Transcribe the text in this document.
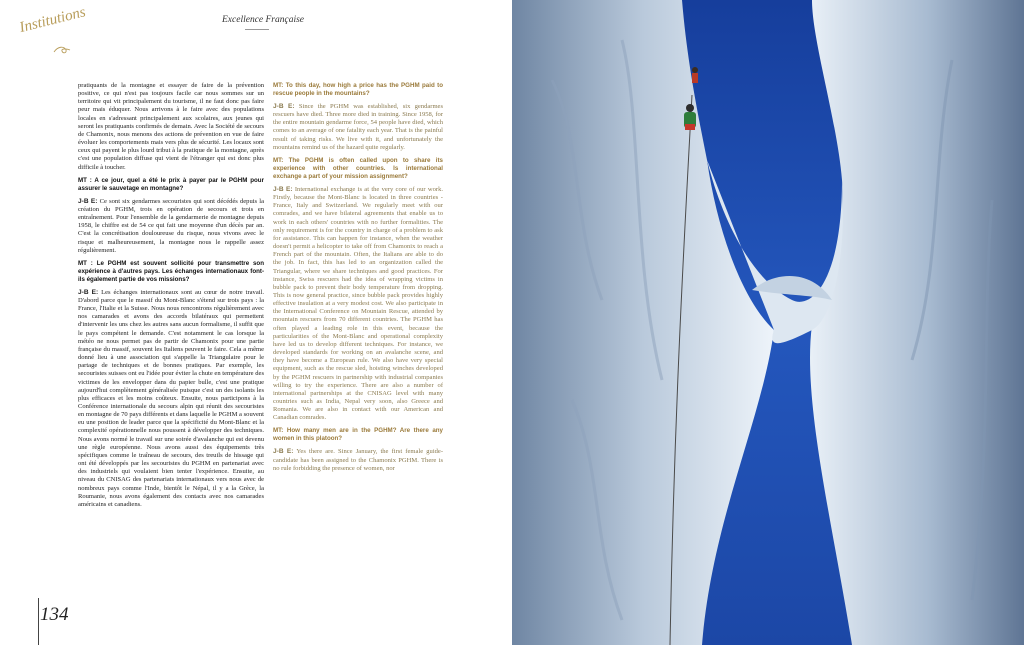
Institutions	Excellence Française

pratiquants de la montagne et essayer de faire de la prévention positive, ce qui n'est pas toujours facile car nous sommes sur un territoire qui vit principalement du tourisme, il ne faut donc pas faire peur mais éduquer. Nous arrivons à le faire avec des populations locales en s'adressant principalement aux scolaires, aux jeunes qui seront les pratiquants confirmés de demain. Avec la Société de secours de Chamonix, nous menons des actions de prévention en vue de faire évoluer les comportements mais vers plus de sécurité. Les locaux sont ceux qui payent le plus lourd tribut à la pratique de la montagne, après c'est une population diffuse qui vient de l'étranger qui est donc plus difficile à toucher.

MT : A ce jour, quel a été le prix à payer par le PGHM pour assurer le sauvetage en montagne?

J-B E: Ce sont six gendarmes secouristes qui sont décédés depuis la création du PGHM, trois en opération de secours et trois en entraînement. Pour l'ensemble de la gendarmerie de montagne depuis 1958, le chiffre est de 54 ce qui fait une moyenne d'un décès par an. C'est la concrétisation douloureuse du risque, nous vivons avec le risque et malheureusement, la montagne nous le rappelle assez régulièrement.

MT : Le PGHM est souvent sollicité pour transmettre son expérience à d'autres pays. Les échanges internationaux font-ils également partie de vos missions?

J-B E: Les échanges internationaux sont au cœur de notre travail. D'abord parce que le massif du Mont-Blanc s'étend sur trois pays : la France, l'Italie et la Suisse. Nous nous rencontrons régulièrement avec nos camarades et avons des accords bilatéraux qui permettent d'intervenir les uns chez les autres sans aucun formalisme, il suffit que le pays compétent le demande. C'est notamment le cas lorsque la météo ne nous permet pas de partir de Chamonix pour une partie française du massif, souvent les Italiens peuvent le faire. Cela a même donné lieu à une association qui s'appelle la Triangulaire pour le partage de techniques et de bonnes pratiques. Par exemple, les secouristes suisses ont eu l'idée pour éviter la chute en température des victimes de les envelopper dans du papier bulle, c'est une pratique aujourd'hui complètement généralisée puisque c'est un des isolants les plus efficaces et les moins coûteux. Ensuite, nous participons à la Conférence internationale du secours alpin qui réunit des secouristes en montagne de 70 pays différents et dans laquelle le PGHM a souvent eu une position de leader parce que la spécificité du Mont-Blanc et la complexité opérationnelle nous poussent à développer des techniques. Nous avons normé le travail sur une soirée d'avalanche qui est devenu une règle européenne. Nous avons aussi des équipements très spécifiques comme le traîneau de secours, des treuils de hissage qui ont été développés par les secouristes du PGHM en partenariat avec des industriels qui voulaient bien tenter l'expérience. Ensuite, au niveau du CNISAG des partenariats internationaux vers nous avec de nombreux pays comme l'Inde, bientôt le Népal, il y a la Grèce, la Roumanie, nous avons également des contacts avec nos camarades américains et canadiens.

MT: To this day, how high a price has the PGHM paid to rescue people in the mountains?

J-B E: Since the PGHM was established, six gendarmes rescuers have died. Three more died in training. Since 1958, for the entire mountain gendarme force, 54 people have died, which comes to an average of one fatality each year. That is the painful result of taking risks. We live with it, and unfortunately the mountains remind us of the hazard quite regularly.

MT: The PGHM is often called upon to share its experience with other countries. Is international exchange a part of your mission assignment?

J-B E: International exchange is at the very core of our work. Firstly, because the Mont-Blanc is located in three countries - France, Italy and Switzerland. We regularly meet with our comrades, and we have bilateral agreements that enable us to work in each others' countries with no further formalities. The only requirement is for the country in charge of a problem to ask for assistance. This can happen for instance, when the weather doesn't permit a helicopter to take off from Chamonix to reach a French part of the mountain. Often, the Italians are able to do the job. In fact, this has led to an organization called the Triangular, where we share techniques and good practices. For instance, Swiss rescuers had the idea of wrapping victims in bubble pack to prevent their body temperature from dropping. This is now general practice, since bubble pack provides highly effective insulation at a very modest cost. We also participate in the International Conference on Mountain Rescue, attended by mountain rescuers from 70 different countries. The PGHM has often played a leading role in this event, because the particularities of the Mont-Blanc and operational complexity have led us to develop different techniques. For instance, we developed standards for working on an avalanche scene, and they have become a European rule. We also have very special equipment, such as the rescue sled, hoisting winches developed by the PGHM rescuers in partnership with industrial companies willing to try the experience. There are also a number of international partnerships at the CNISAG level with many countries such as India, Nepal very soon, also Greece and Romania. We are also in contact with our American and Canadian comrades.

MT: How many men are in the PGHM? Are there any women in this platoon?

J-B E: Yes there are. Since January, the first female guide-candidate has been assigned to the Chamonix PGHM. There is no rule forbidding the presence of women, nor

134
